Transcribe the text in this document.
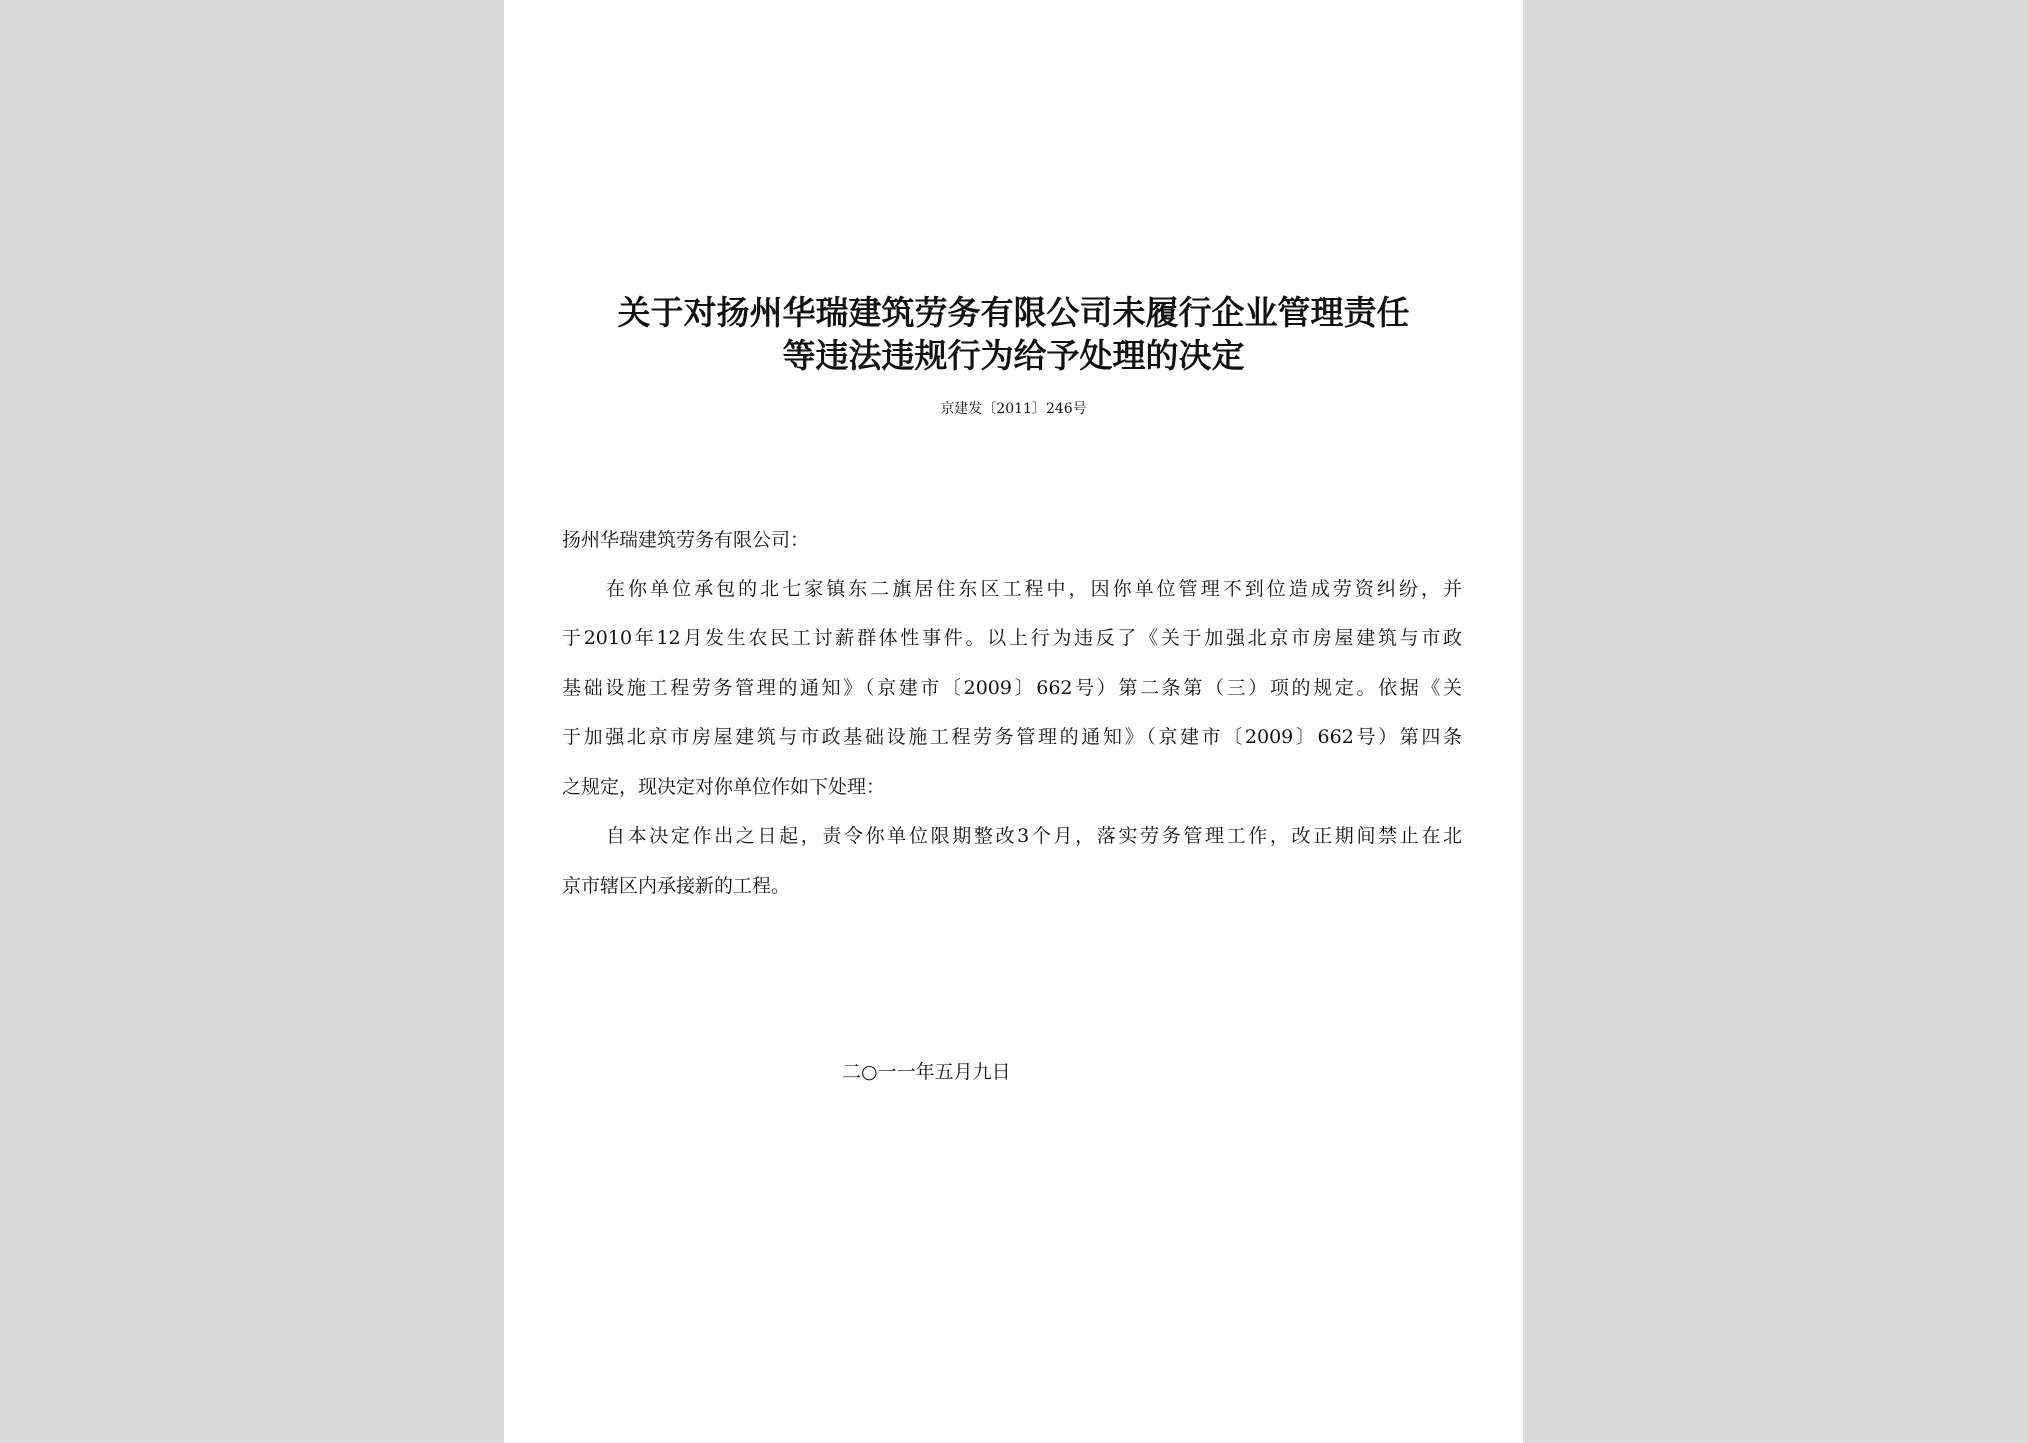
关于对扬州华瑞建筑劳务有限公司未履行企业管理责任
等违法违规行为给予处理的决定
京建发〔2011〕246号
扬州华瑞建筑劳务有限公司：
在你单位承包的北七家镇东二旗居住东区工程中，因你单位管理不到位造成劳资纠纷，并
于2010年12月发生农民工讨薪群体性事件。以上行为违反了《关于加强北京市房屋建筑与市政
基础设施工程劳务管理的通知》（京建市〔2009〕662号）第二条第（三）项的规定。依据《关
于加强北京市房屋建筑与市政基础设施工程劳务管理的通知》（京建市〔2009〕662号）第四条
之规定，现决定对你单位作如下处理：
自本决定作出之日起，责令你单位限期整改3个月，落实劳务管理工作，改正期间禁止在北
京市辖区内承接新的工程。
二○一一年五月九日
